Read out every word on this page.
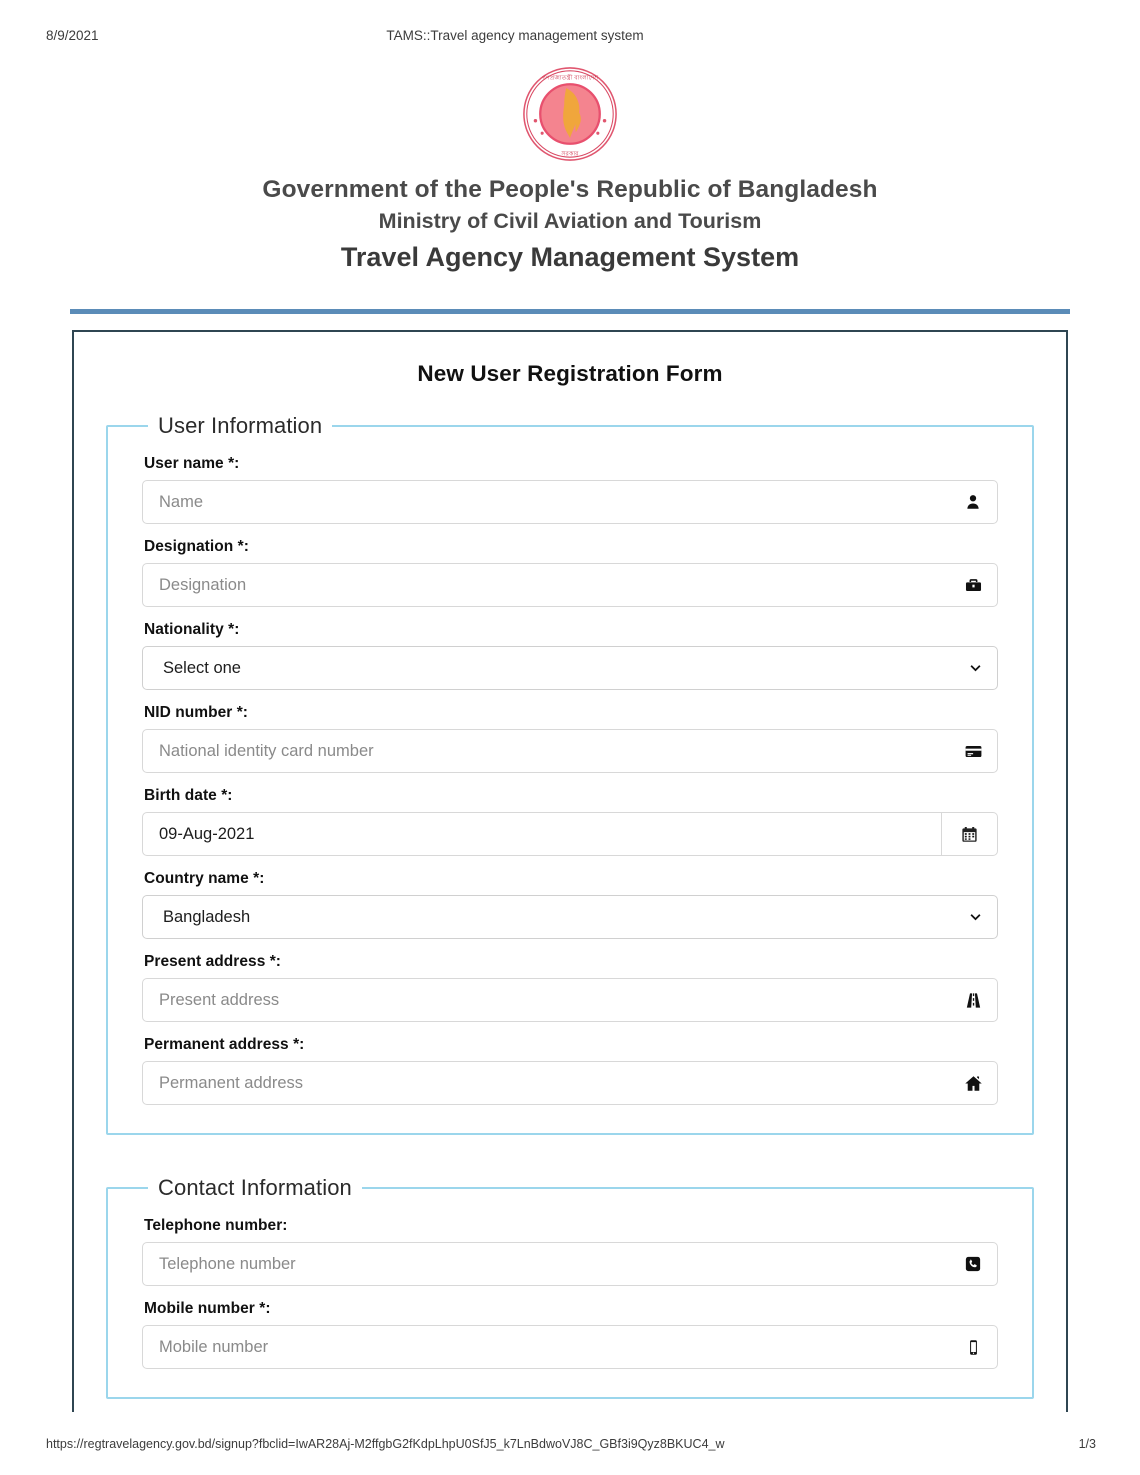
8/9/2021	TAMS::Travel agency management system
গণপ্রজাতন্ত্রী বাংলাদেশ
সরকার
Government of the People's Republic of Bangladesh
Ministry of Civil Aviation and Tourism
Travel Agency Management System
New User Registration Form
User Information
User name *:
Name
Designation *:
Designation
Nationality *:
Select one
NID number *:
National identity card number
Birth date *:
09-Aug-2021
Country name *:
Bangladesh
Present address *:
Present address
Permanent address *:
Permanent address
Contact Information
Telephone number:
Telephone number
Mobile number *:
Mobile number
https://regtravelagency.gov.bd/signup?fbclid=IwAR28Aj-M2ffgbG2fKdpLhpU0SfJ5_k7LnBdwoVJ8C_GBf3i9Qyz8BKUC4_w	1/3
